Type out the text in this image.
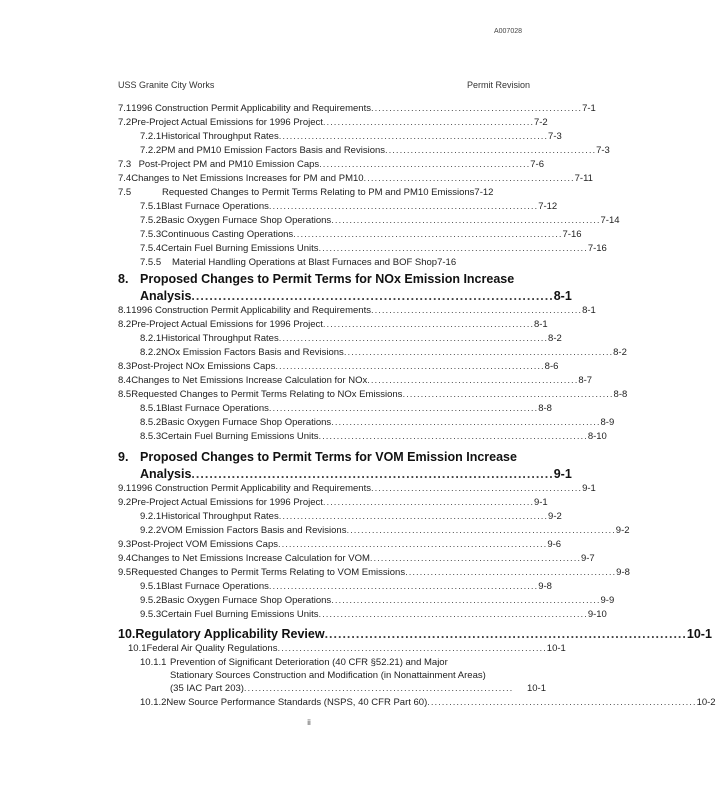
A007028
USS Granite City Works	Permit Revision
7.1 1996 Construction Permit Applicability and Requirements .......................................................... 7-1
7.2 Pre-Project Actual Emissions for 1996 Project .......................................................... 7-2
7.2.1 Historical Throughput Rates .......................................................................... 7-3
7.2.2 PM and PM10 Emission Factors Basis and Revisions .......................................................... 7-3
7.3 Post-Project PM and PM10 Emission Caps .......................................................... 7-6
7.4 Changes to Net Emissions Increases for PM and PM10 .......................................................... 7-11
7.5	Requested Changes to Permit Terms Relating to PM and PM10 Emissions 7-12
7.5.1 Blast Furnace Operations .......................................................................... 7-12
7.5.2 Basic Oxygen Furnace Shop Operations .......................................................................... 7-14
7.5.3 Continuous Casting Operations .......................................................................... 7-16
7.5.4 Certain Fuel Burning Emissions Units .......................................................................... 7-16
7.5.5	Material Handling Operations at Blast Furnaces and BOF Shop 7-16
8. Proposed Changes to Permit Terms for NOx Emission Increase
Analysis ................................................................................. 8-1
8.1 1996 Construction Permit Applicability and Requirements .......................................................... 8-1
8.2 Pre-Project Actual Emissions for 1996 Project .......................................................... 8-1
8.2.1 Historical Throughput Rates .......................................................................... 8-2
8.2.2 NOx Emission Factors Basis and Revisions .......................................................................... 8-2
8.3 Post-Project NOx Emissions Caps .......................................................................... 8-6
8.4 Changes to Net Emissions Increase Calculation for NOx .......................................................... 8-7
8.5 Requested Changes to Permit Terms Relating to NOx Emissions .......................................................... 8-8
8.5.1 Blast Furnace Operations .......................................................................... 8-8
8.5.2 Basic Oxygen Furnace Shop Operations .......................................................................... 8-9
8.5.3 Certain Fuel Burning Emissions Units .......................................................................... 8-10
9. Proposed Changes to Permit Terms for VOM Emission Increase
Analysis ................................................................................. 9-1
9.1 1996 Construction Permit Applicability and Requirements .......................................................... 9-1
9.2 Pre-Project Actual Emissions for 1996 Project .......................................................... 9-1
9.2.1 Historical Throughput Rates .......................................................................... 9-2
9.2.2 VOM Emission Factors Basis and Revisions .......................................................................... 9-2
9.3 Post-Project VOM Emissions Caps .......................................................................... 9-6
9.4 Changes to Net Emissions Increase Calculation for VOM .......................................................... 9-7
9.5 Requested Changes to Permit Terms Relating to VOM Emissions .......................................................... 9-8
9.5.1 Blast Furnace Operations .......................................................................... 9-8
9.5.2 Basic Oxygen Furnace Shop Operations .......................................................................... 9-9
9.5.3 Certain Fuel Burning Emissions Units .......................................................................... 9-10
10. Regulatory Applicability Review ................................................................................. 10-1
10.1 Federal Air Quality Regulations .......................................................................... 10-1
10.1.1 Prevention of Significant Deterioration (40 CFR §52.21) and Major
Stationary Sources Construction and Modification (in Nonattainment Areas)
(35 IAC Part 203) ..........................................................................	10-1
10.1.2 New Source Performance Standards (NSPS, 40 CFR Part 60) .......................................................................... 10-2
ii
